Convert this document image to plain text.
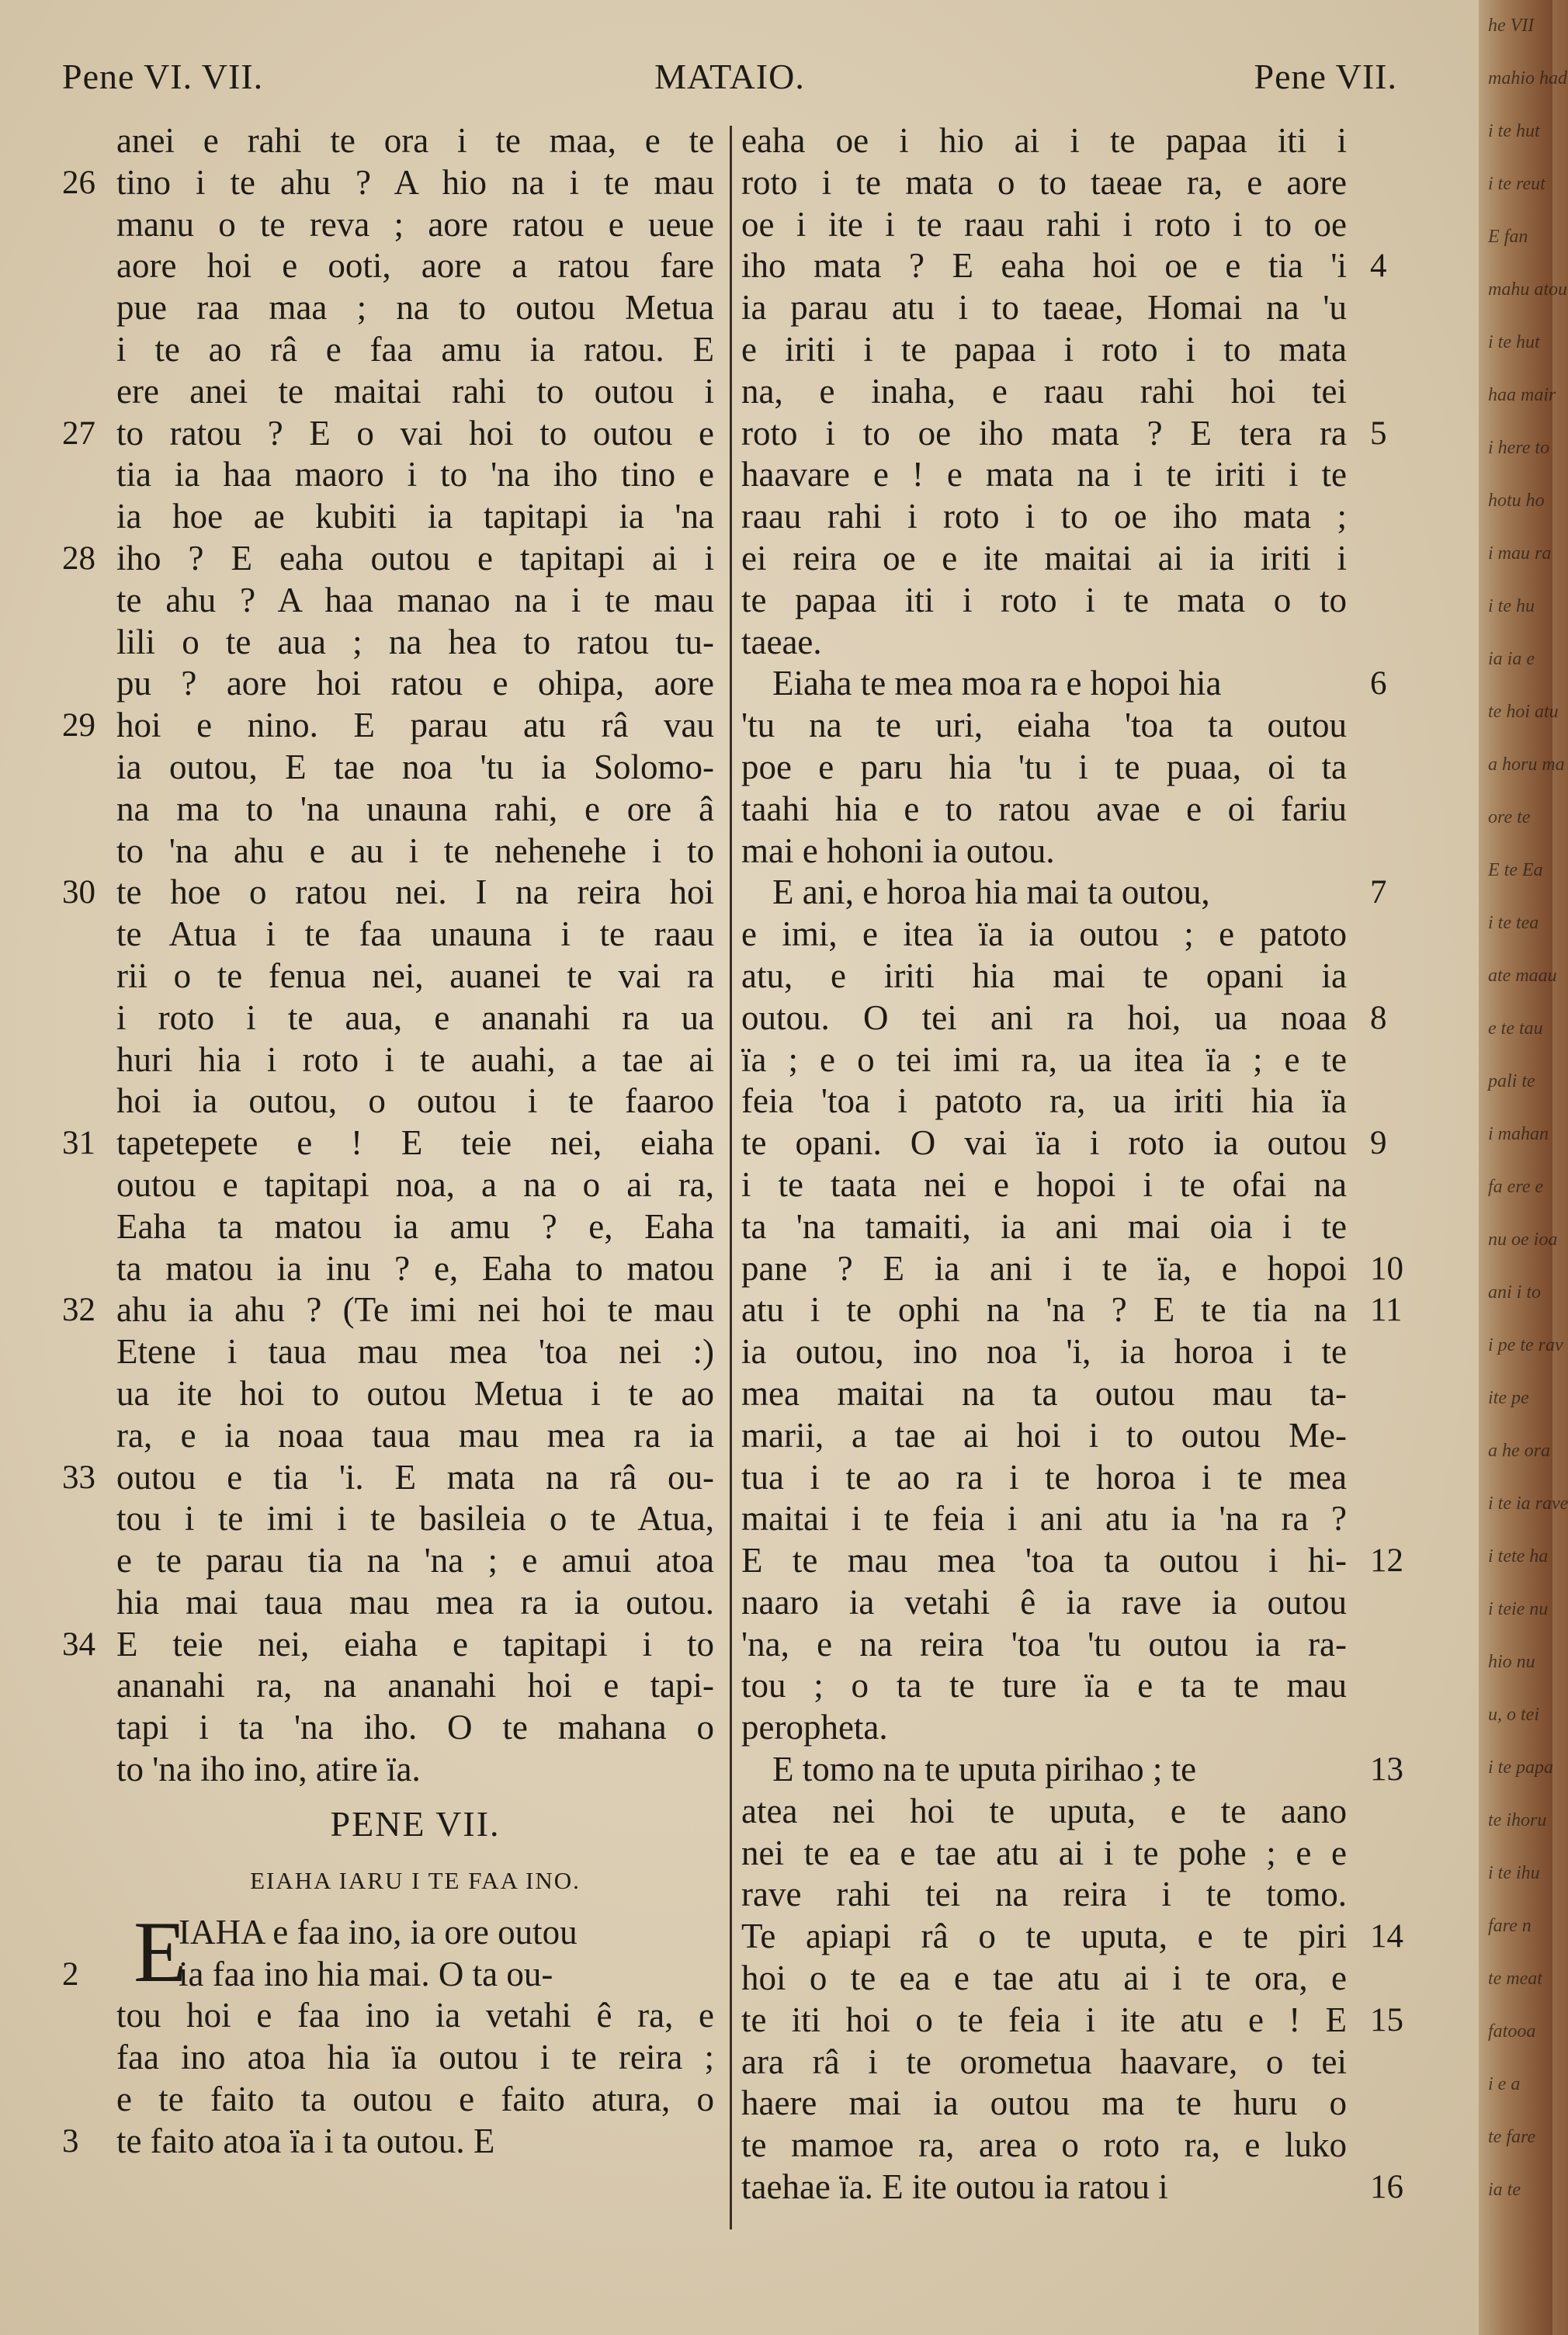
Pene VI. VII.	MATAIO.	Pene VII.
anei e rahi te ora i te maa, e te
26 tino i te ahu ? A hio na i te mau
manu o te reva ; aore ratou e ueue
aore hoi e ooti, aore a ratou fare
pue raa maa ; na to outou Metua
i te ao râ e faa amu ia ratou. E
ere anei te maitai rahi to outou i
27 to ratou ? E o vai hoi to outou e
tia ia haa maoro i to 'na iho tino e
ia hoe ae kubiti ia tapitapi ia 'na
28 iho ? E eaha outou e tapitapi ai i
te ahu ? A haa manao na i te mau
lili o te aua ; na hea to ratou tu-
pu ? aore hoi ratou e ohipa, aore
29 hoi e nino. E parau atu râ vau
ia outou, E tae noa 'tu ia Solomo-
na ma to 'na unauna rahi, e ore â
to 'na ahu e au i te nehenehe i to
30 te hoe o ratou nei. I na reira hoi
te Atua i te faa unauna i te raau
rii o te fenua nei, auanei te vai ra
i roto i te aua, e ananahi ra ua
huri hia i roto i te auahi, a tae ai
hoi ia outou, o outou i te faaroo
31 tapetepete e ! E teie nei, eiaha
outou e tapitapi noa, a na o ai ra,
Eaha ta matou ia amu ? e, Eaha
ta matou ia inu ? e, Eaha to matou
32 ahu ia ahu ? (Te imi nei hoi te mau
Etene i taua mau mea 'toa nei :)
ua ite hoi to outou Metua i te ao
ra, e ia noaa taua mau mea ra ia
33 outou e tia 'i. E mata na râ ou-
tou i te imi i te basileia o te Atua,
e te parau tia na 'na ; e amui atoa
hia mai taua mau mea ra ia outou.
34 E teie nei, eiaha e tapitapi i to
ananahi ra, na ananahi hoi e tapi-
tapi i ta 'na iho. O te mahana o
to 'na iho ino, atire ïa.
PENE VII.
EIAHA IARU I TE FAA INO.
E
IAHA e faa ino, ia ore outou
2	ia faa ino hia mai. O ta ou-
tou hoi e faa ino ia vetahi ê ra, e
faa ino atoa hia ïa outou i te reira ;
e te faito ta outou e faito atura, o
3	te faito atoa ïa i ta outou. E
eaha oe i hio ai i te papaa iti i
roto i te mata o to taeae ra, e aore
oe i ite i te raau rahi i roto i to oe
4
iho mata ? E eaha hoi oe e tia 'i
ia parau atu i to taeae, Homai na 'u
e iriti i te papaa i roto i to mata
na, e inaha, e raau rahi hoi tei
5
roto i to oe iho mata ? E tera ra
haavare e ! e mata na i te iriti i te
raau rahi i roto i to oe iho mata ;
ei reira oe e ite maitai ai ia iriti i
te papaa iti i roto i te mata o to
taeae.
6
Eiaha te mea moa ra e hopoi hia
'tu na te uri, eiaha 'toa ta outou
poe e paru hia 'tu i te puaa, oi ta
taahi hia e to ratou avae e oi fariu
mai e hohoni ia outou.
7
E ani, e horoa hia mai ta outou,
e imi, e itea ïa ia outou ; e patoto
atu, e iriti hia mai te opani ia
8
outou. O tei ani ra hoi, ua noaa
ïa ; e o tei imi ra, ua itea ïa ; e te
feia 'toa i patoto ra, ua iriti hia ïa
9
te opani. O vai ïa i roto ia outou
i te taata nei e hopoi i te ofai na
ta 'na tamaiti, ia ani mai oia i te
10
pane ? E ia ani i te ïa, e hopoi
11
atu i te ophi na 'na ? E te tia na
ia outou, ino noa 'i, ia horoa i te
mea maitai na ta outou mau ta-
marii, a tae ai hoi i to outou Me-
tua i te ao ra i te horoa i te mea
maitai i te feia i ani atu ia 'na ra ?
12
E te mau mea 'toa ta outou i hi-
naaro ia vetahi ê ia rave ia outou
'na, e na reira 'toa 'tu outou ia ra-
tou ; o ta te ture ïa e ta te mau
peropheta.
13
E tomo na te uputa pirihao ; te
atea nei hoi te uputa, e te aano
nei te ea e tae atu ai i te pohe ; e e
rave rahi tei na reira i te tomo.
14
Te apiapi râ o te uputa, e te piri
hoi o te ea e tae atu ai i te ora, e
15
te iti hoi o te feia i ite atu e ! E
ara râ i te orometua haavare, o tei
haere mai ia outou ma te huru o
te mamoe ra, area o roto ra, e luko
16
taehae ïa. E ite outou ia ratou i
he VII
mahio had
i te hut
i te reut
E fan
mahu atou
i te hut
haa mair
i here to
hotu ho
i mau ra
i te hu
ia ia e
te hoi atu
a horu ma
ore te
E te Ea
i te tea
ate maau
e te tau
pali te
i mahan
fa ere e
nu oe ioa
ani i to
i pe te rav
ite pe
a he ora
i te ia rave
i tete ha
i teie nu
hio nu
u, o tei
i te papa
te ihoru
i te ihu
fare n
te meat
fatooa
i e a
te fare
ia te
